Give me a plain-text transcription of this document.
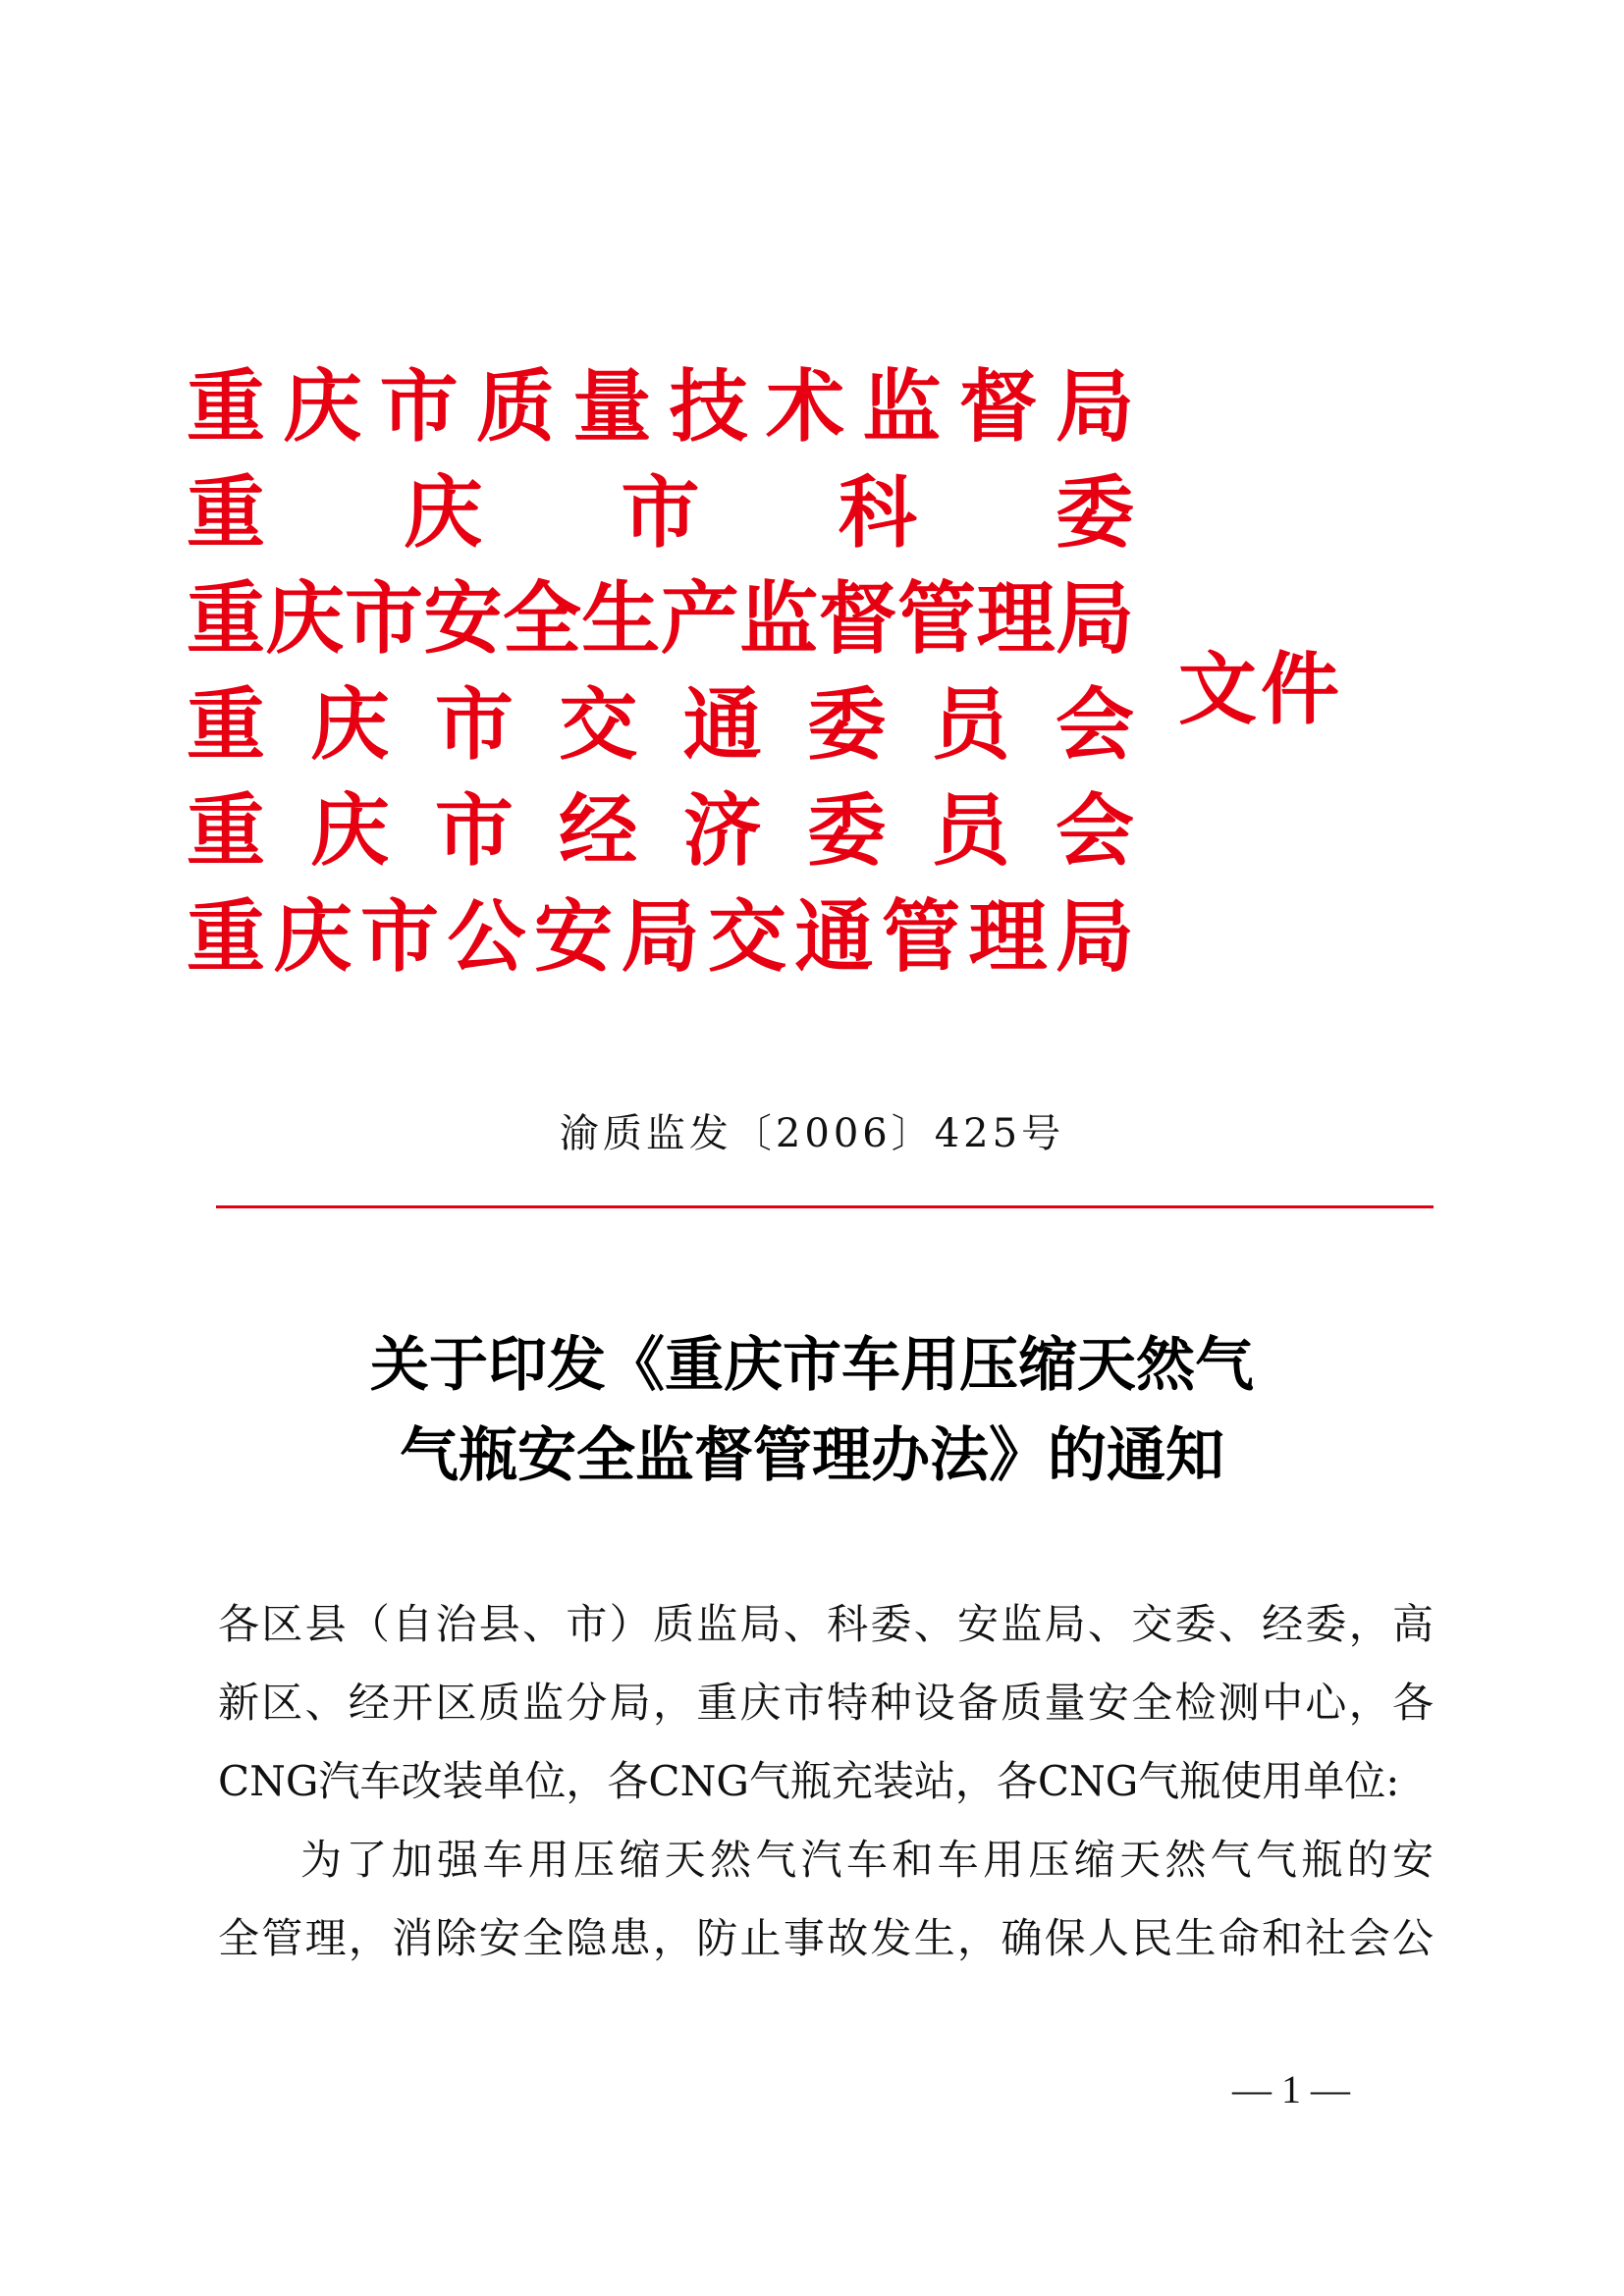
重庆市质量技术监督局
重 庆 市 科 委
重庆市安全生产监督管理局
重 庆 市 交 通 委 员 会
重 庆 市 经 济 委 员 会
重庆市公安局交通管理局
文件
渝质监发〔2006〕425号
关于印发《重庆市车用压缩天然气
气瓶安全监督管理办法》的通知
各区县（自治县、市）质监局、科委、安监局、交委、经委，高
新区、经开区质监分局，重庆市特种设备质量安全检测中心，各
CNG汽车改装单位，各CNG气瓶充装站，各CNG气瓶使用单位:
为了加强车用压缩天然气汽车和车用压缩天然气气瓶的安
全管理，消除安全隐患，防止事故发生，确保人民生命和社会公
— 1 —
